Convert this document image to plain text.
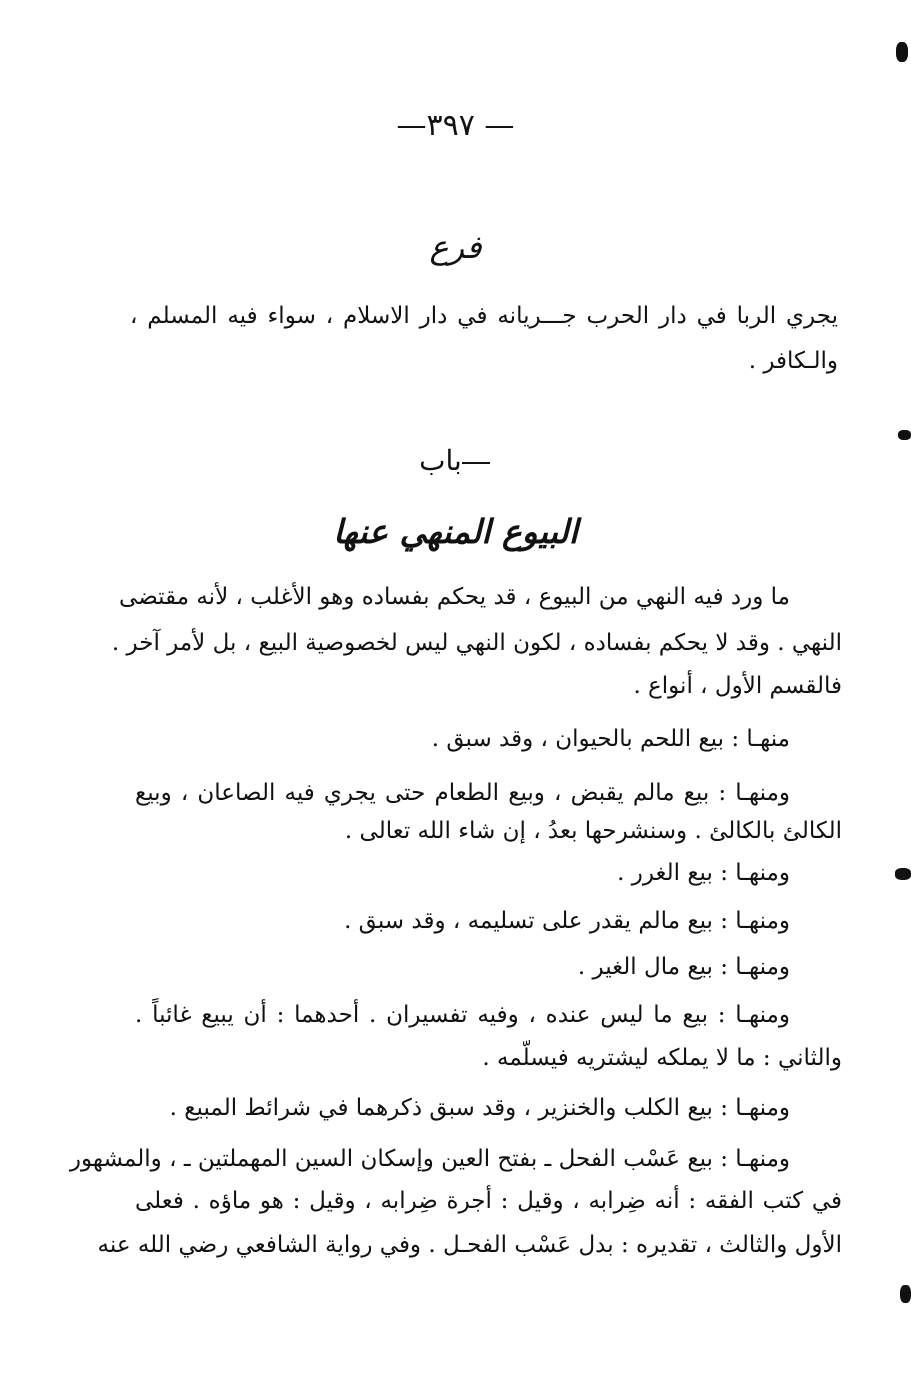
—٣٩٧ —
فرع
يجري الربا في دار الحرب جـــريانه في دار الاسلام ، سواء فيه المسلم ،
والـكافر .
باب
البيوع المنهي عنها
ما ورد فيه النهي من البيوع ، قد يحكم بفساده وهو الأغلب ، لأنه مقتضى
النهي . وقد لا يحكم بفساده ، لكون النهي ليس لخصوصية البيع ، بل لأمر آخر .
فالقسم الأول ، أنواع .
منهـا : بيع اللحم بالحيوان ، وقد سبق .
ومنهـا : بيع مالم يقبض ، وبيع الطعام حتى يجري فيه الصاعان ، وبيع
الكالئ بالكالئ . وسنشرحها بعدُ ، إن شاء الله تعالى .
ومنهـا : بيع الغرر .
ومنهـا : بيع مالم يقدر على تسليمه ، وقد سبق .
ومنهـا : بيع مال الغير .
ومنهـا : بيع ما ليس عنده ، وفيه تفسيران . أحدهما : أن يبيع غائباً .
والثاني : ما لا يملكه ليشتريه فيسلّمه .
ومنهـا : بيع الكلب والخنزير ، وقد سبق ذكرهما في شرائط المبيع .
ومنهـا : بيع عَسْب الفحل ـ بفتح العين وإسكان السين المهملتين ـ ، والمشهور
في كتب الفقه : أنه ضِرابه ، وقيل : أجرة ضِرابه ، وقيل : هو ماؤه . فعلى
الأول والثالث ، تقديره : بدل عَسْب الفحـل . وفي رواية الشافعي رضي الله عنه
